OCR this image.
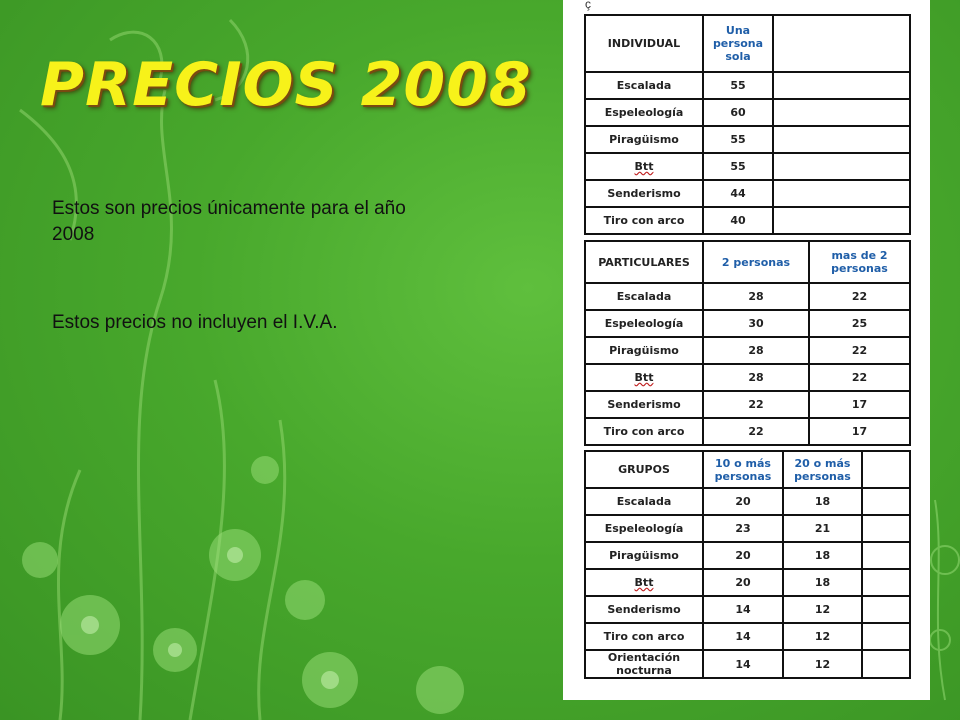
PRECIOS 2008
Estos son precios únicamente para el año 2008
Estos precios no incluyen el I.V.A.
ç
INDIVIDUAL	Una persona sola	
Escalada	55	
Espeleología	60	
Piragüismo	55	
Btt	55	
Senderismo	44	
Tiro con arco	40	
PARTICULARES	2 personas	mas de 2 personas
Escalada	28	22
Espeleología	30	25
Piragüismo	28	22
Btt	28	22
Senderismo	22	17
Tiro con arco	22	17
GRUPOS	10 o más personas	20 o más personas	
Escalada	20	18	
Espeleología	23	21	
Piragüismo	20	18	
Btt	20	18	
Senderismo	14	12	
Tiro con arco	14	12	
Orientación nocturna	14	12	
